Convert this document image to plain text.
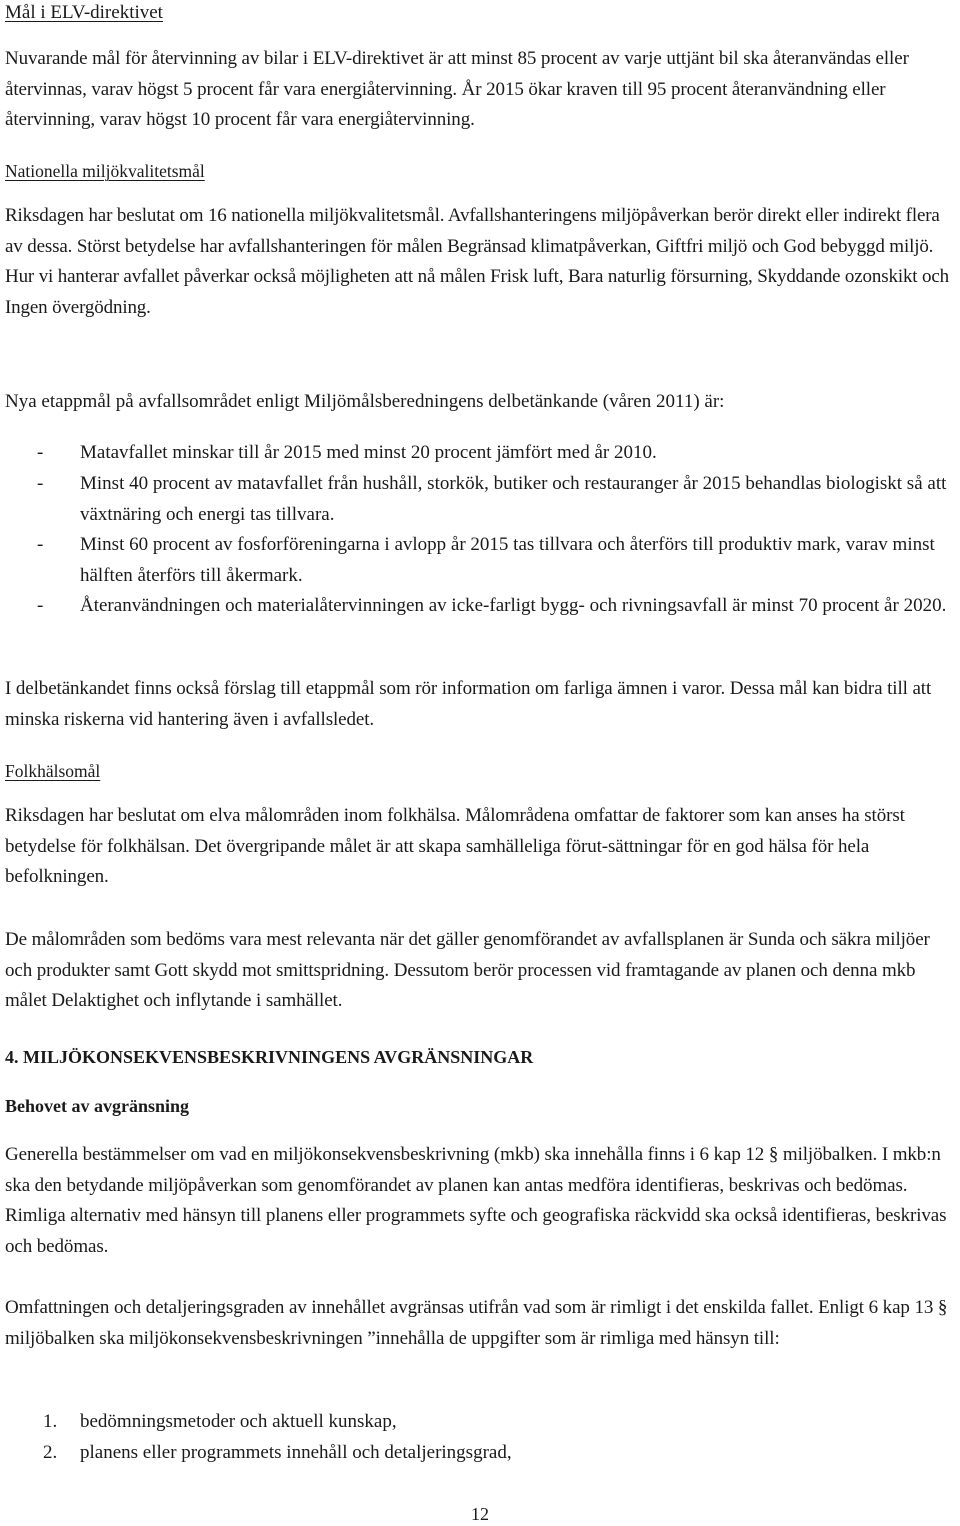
Mål i ELV-direktivet
Nuvarande mål för återvinning av bilar i ELV-direktivet är att minst 85 procent av varje uttjänt bil ska återanvändas eller återvinnas, varav högst 5 procent får vara energiåtervinning. År 2015 ökar kraven till 95 procent återanvändning eller återvinning, varav högst 10 procent får vara energiåtervinning.
Nationella miljökvalitetsmål
Riksdagen har beslutat om 16 nationella miljökvalitetsmål. Avfallshanteringens miljöpåverkan berör direkt eller indirekt flera av dessa. Störst betydelse har avfallshanteringen för målen Begränsad klimatpåverkan, Giftfri miljö och God bebyggd miljö. Hur vi hanterar avfallet påverkar också möjligheten att nå målen Frisk luft, Bara naturlig försurning, Skyddande ozonskikt och Ingen övergödning.
Nya etappmål på avfallsområdet enligt Miljömålsberedningens delbetänkande (våren 2011) är:
- Matavfallet minskar till år 2015 med minst 20 procent jämfört med år 2010.
- Minst 40 procent av matavfallet från hushåll, storkök, butiker och restauranger år 2015 behandlas biologiskt så att växtnäring och energi tas tillvara.
- Minst 60 procent av fosforföreningarna i avlopp år 2015 tas tillvara och återförs till produktiv mark, varav minst hälften återförs till åkermark.
- Återanvändningen och materialåtervinningen av icke-farligt bygg- och rivningsavfall är minst 70 procent år 2020.
I delbetänkandet finns också förslag till etappmål som rör information om farliga ämnen i varor. Dessa mål kan bidra till att minska riskerna vid hantering även i avfallsledet.
Folkhälsomål
Riksdagen har beslutat om elva målområden inom folkhälsa. Målområdena omfattar de faktorer som kan anses ha störst betydelse för folkhälsan. Det övergripande målet är att skapa samhälleliga förut-sättningar för en god hälsa för hela befolkningen.
De målområden som bedöms vara mest relevanta när det gäller genomförandet av avfallsplanen är Sunda och säkra miljöer och produkter samt Gott skydd mot smittspridning. Dessutom berör processen vid framtagande av planen och denna mkb målet Delaktighet och inflytande i samhället.
4. MILJÖKONSEKVENSBESKRIVNINGENS AVGRÄNSNINGAR
Behovet av avgränsning
Generella bestämmelser om vad en miljökonsekvensbeskrivning (mkb) ska innehålla finns i 6 kap 12 § miljöbalken. I mkb:n ska den betydande miljöpåverkan som genomförandet av planen kan antas medföra identifieras, beskrivas och bedömas. Rimliga alternativ med hänsyn till planens eller programmets syfte och geografiska räckvidd ska också identifieras, beskrivas och bedömas.
Omfattningen och detaljeringsgraden av innehållet avgränsas utifrån vad som är rimligt i det enskilda fallet. Enligt 6 kap 13 § miljöbalken ska miljökonsekvensbeskrivningen ”innehålla de uppgifter som är rimliga med hänsyn till:
1. bedömningsmetoder och aktuell kunskap,
2. planens eller programmets innehåll och detaljeringsgrad,
12
